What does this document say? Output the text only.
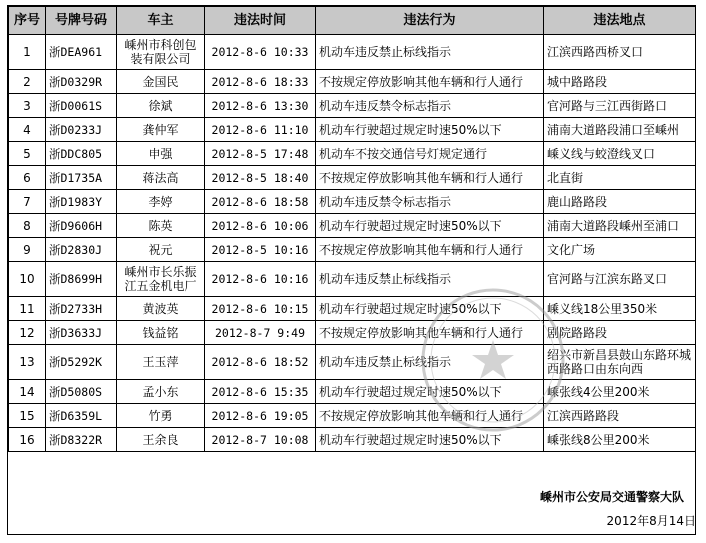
序号	号牌号码	车主	违法时间	违法行为	违法地点
1	浙DEA961	嵊州市科创包装有限公司	2012-8-6 10:33	机动车违反禁止标线指示	江滨西路西桥叉口
2	浙D0329R	金国民	2012-8-6 18:33	不按规定停放影响其他车辆和行人通行	城中路路段
3	浙D0061S	徐斌	2012-8-6 13:30	机动车违反禁令标志指示	官河路与三江西街路口
4	浙D0233J	龚仲军	2012-8-6 11:10	机动车行驶超过规定时速50%以下	浦南大道路段浦口至嵊州
5	浙DDC805	申强	2012-8-5 17:48	机动车不按交通信号灯规定通行	嵊义线与蛟澄线叉口
6	浙D1735A	蒋法高	2012-8-5 18:40	不按规定停放影响其他车辆和行人通行	北直街
7	浙D1983Y	李婷	2012-8-6 18:58	机动车违反禁令标志指示	鹿山路路段
8	浙D9606H	陈英	2012-8-6 10:06	机动车行驶超过规定时速50%以下	浦南大道路段嵊州至浦口
9	浙D2830J	祝元	2012-8-5 10:16	不按规定停放影响其他车辆和行人通行	文化广场
10	浙D8699H	嵊州市长乐振江五金机电厂	2012-8-6 10:16	机动车违反禁止标线指示	官河路与江滨东路叉口
11	浙D2733H	黄波英	2012-8-6 10:15	机动车行驶超过规定时速50%以下	嵊义线18公里350米
12	浙D3633J	钱益铭	2012-8-7 9:49	不按规定停放影响其他车辆和行人通行	剧院路路段
13	浙D5292K	王玉萍	2012-8-6 18:52	机动车违反禁止标线指示	绍兴市新昌县鼓山东路环城西路路口由东向西
14	浙D5080S	孟小东	2012-8-6 15:35	机动车行驶超过规定时速50%以下	嵊张线4公里200米
15	浙D6359L	竹勇	2012-8-6 19:05	不按规定停放影响其他车辆和行人通行	江滨西路路段
16	浙D8322R	王余良	2012-8-7 10:08	机动车行驶超过规定时速50%以下	嵊张线8公里200米
嵊州市公安局交通警察大队
2012年8月14日
